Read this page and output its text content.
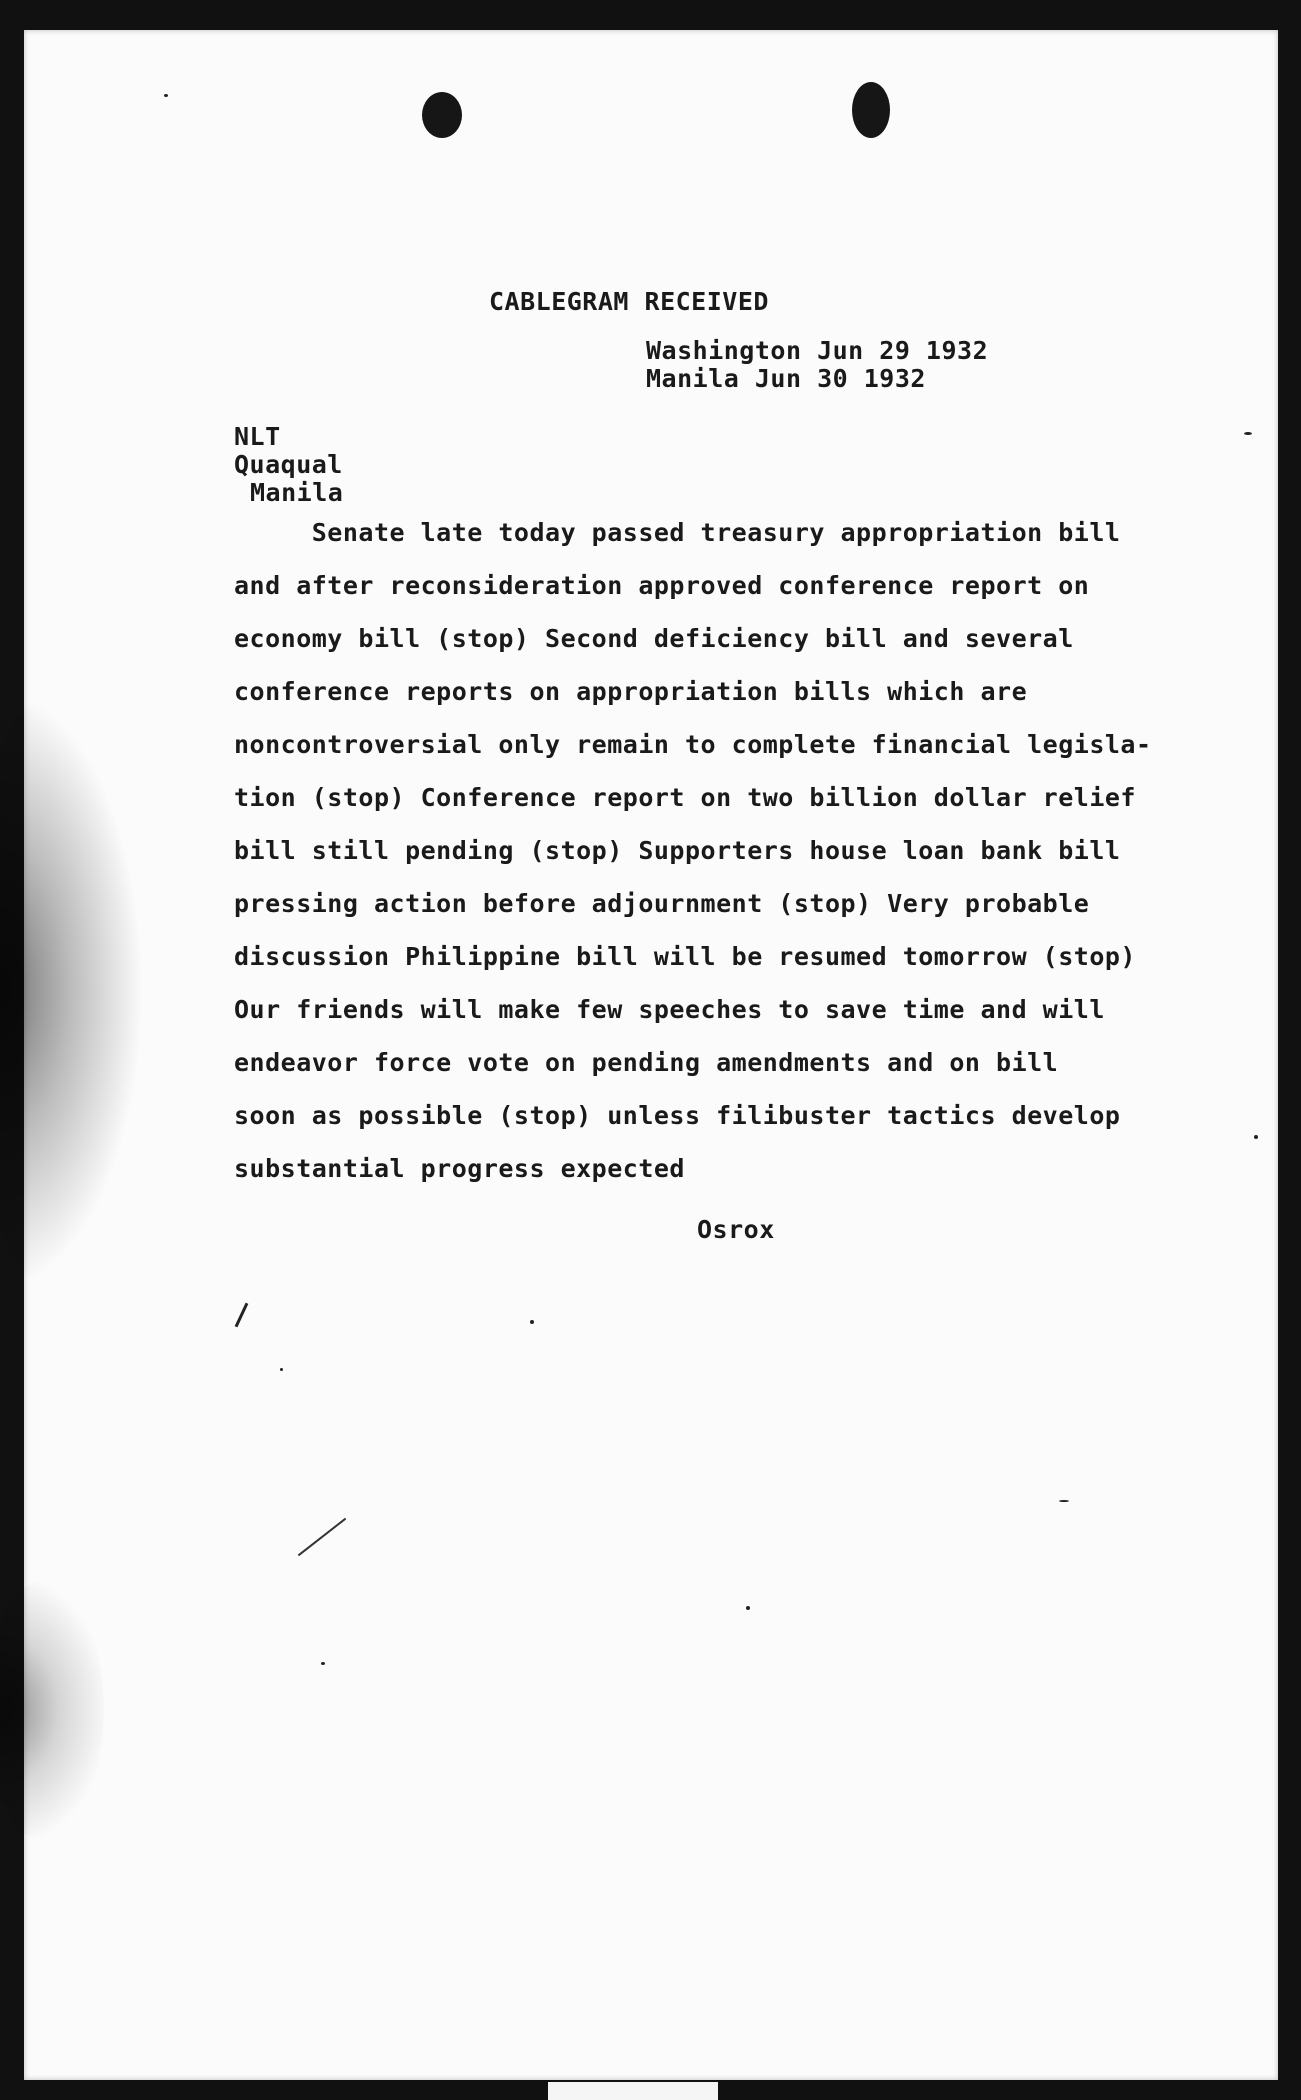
CABLEGRAM RECEIVED

Washington Jun 29 1932

Manila Jun 30 1932

NLT

Quaqual

Manila

Senate late today passed treasury appropriation bill

and after reconsideration approved conference report on

economy bill (stop) Second deficiency bill and several

conference reports on appropriation bills which are

noncontroversial only remain to complete financial legisla-

tion (stop) Conference report on two billion dollar relief

bill still pending (stop) Supporters house loan bank bill

pressing action before adjournment (stop) Very probable

discussion Philippine bill will be resumed tomorrow (stop)

Our friends will make few speeches to save time and will

endeavor force vote on pending amendments and on bill

soon as possible (stop) unless filibuster tactics develop

substantial progress expected

Osrox
